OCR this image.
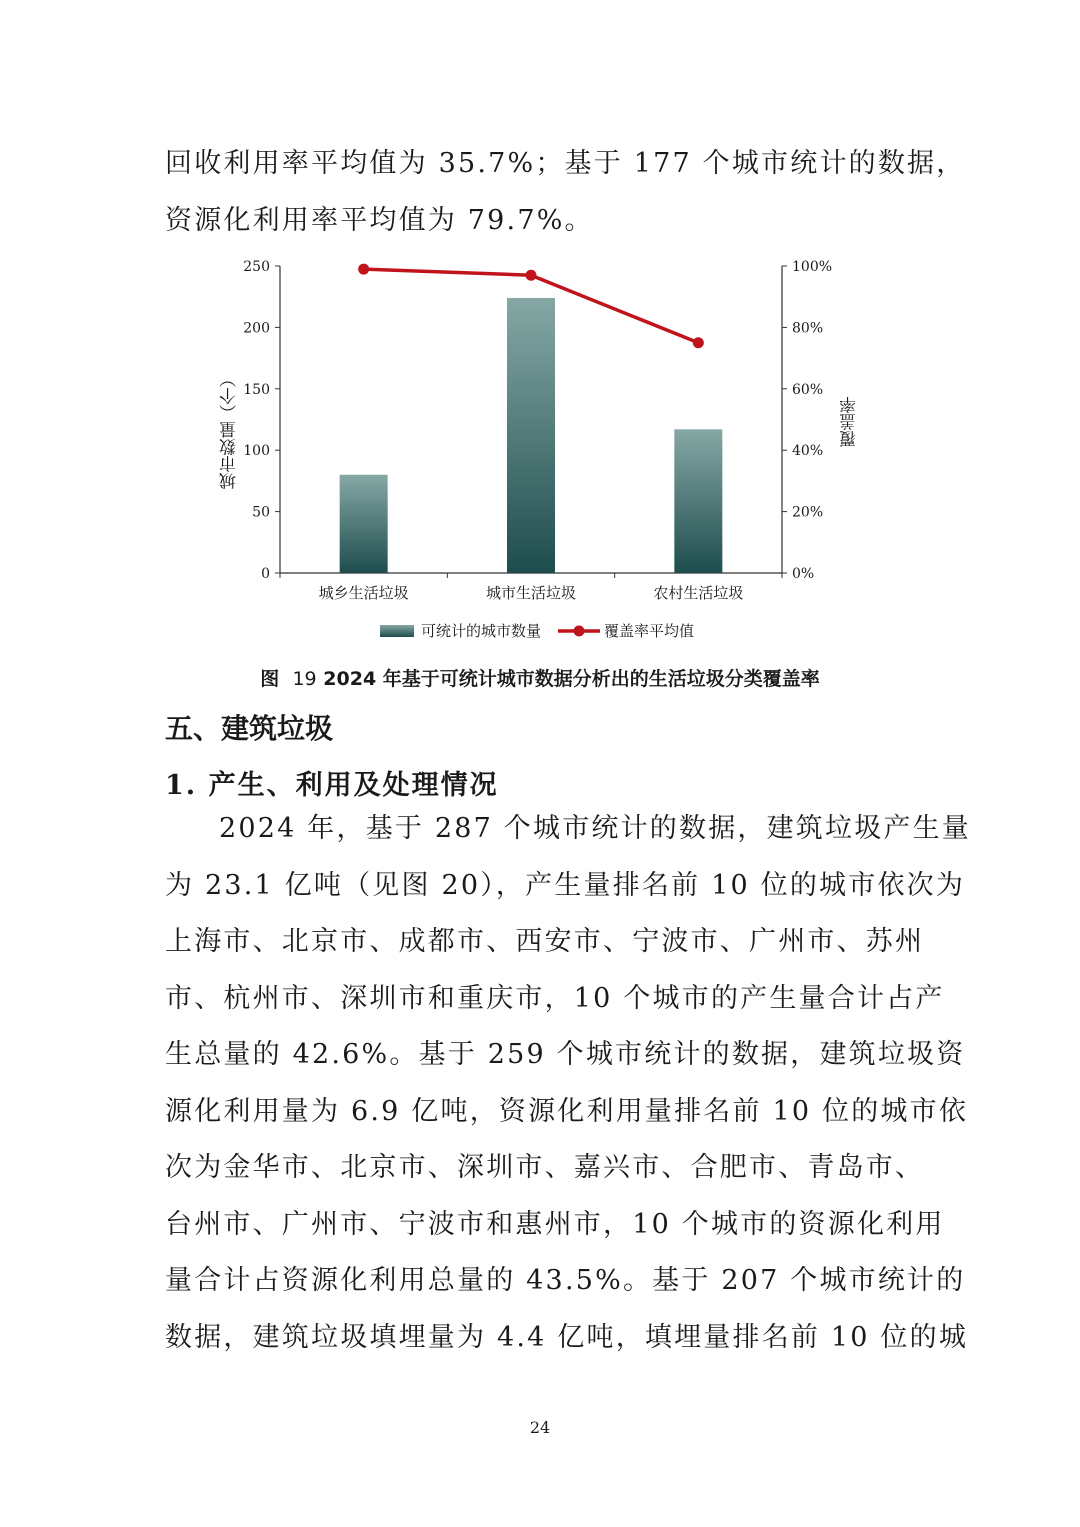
回收利用率平均值为 35.7%；基于 177 个城市统计的数据，
资源化利用率平均值为 79.7%。
0
50
100
150
200
250
0%
20%
40%
60%
80%
100%
城乡生活垃圾	城市生活垃圾	农村生活垃圾
城市数量（个）	覆盖率
可统计的城市数量	覆盖率平均值
图 19 2024 年基于可统计城市数据分析出的生活垃圾分类覆盖率
五、建筑垃圾
1. 产生、利用及处理情况
2024 年，基于 287 个城市统计的数据，建筑垃圾产生量
为 23.1 亿吨（见图 20），产生量排名前 10 位的城市依次为
上海市、北京市、成都市、西安市、宁波市、广州市、苏州
市、杭州市、深圳市和重庆市，10 个城市的产生量合计占产
生总量的 42.6%。基于 259 个城市统计的数据，建筑垃圾资
源化利用量为 6.9 亿吨，资源化利用量排名前 10 位的城市依
次为金华市、北京市、深圳市、嘉兴市、合肥市、青岛市、
台州市、广州市、宁波市和惠州市，10 个城市的资源化利用
量合计占资源化利用总量的 43.5%。基于 207 个城市统计的
数据，建筑垃圾填埋量为 4.4 亿吨，填埋量排名前 10 位的城
24
